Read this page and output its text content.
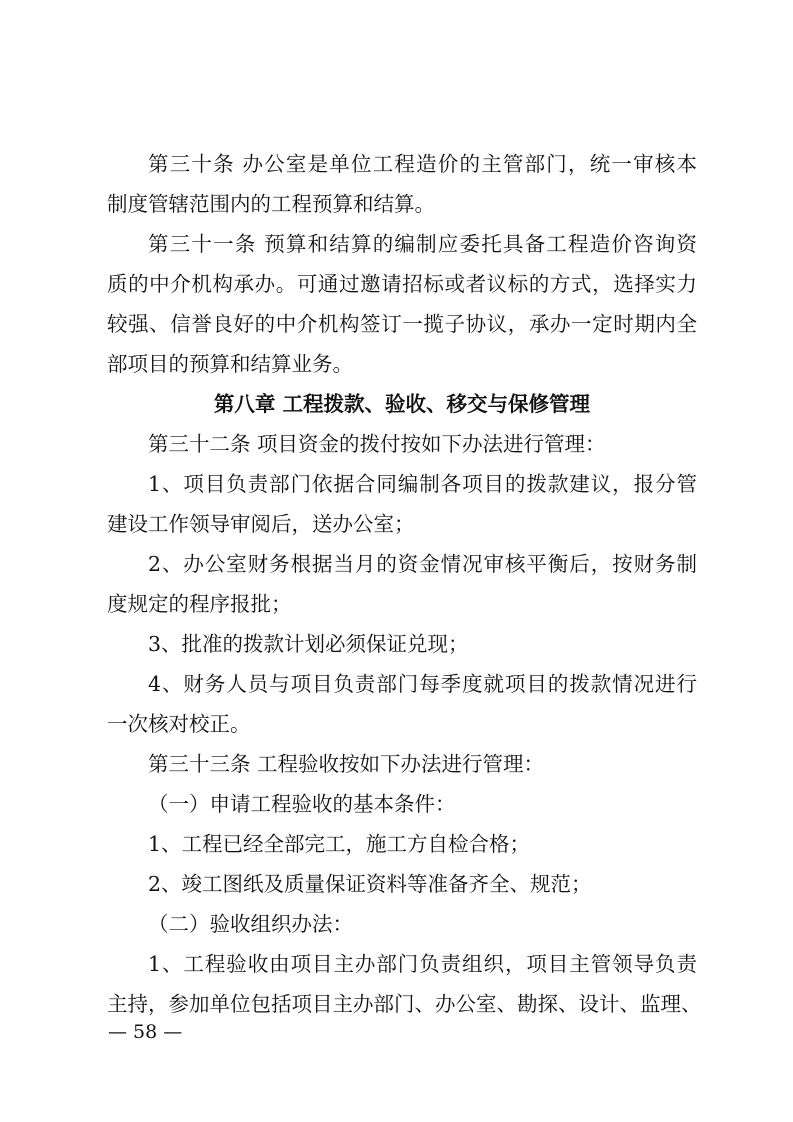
第三十条 办公室是单位工程造价的主管部门，统一审核本
制度管辖范围内的工程预算和结算。
第三十一条 预算和结算的编制应委托具备工程造价咨询资
质的中介机构承办。可通过邀请招标或者议标的方式，选择实力
较强、信誉良好的中介机构签订一揽子协议，承办一定时期内全
部项目的预算和结算业务。
第八章 工程拨款、验收、移交与保修管理
第三十二条 项目资金的拨付按如下办法进行管理：
1、项目负责部门依据合同编制各项目的拨款建议，报分管
建设工作领导审阅后，送办公室；
2、办公室财务根据当月的资金情况审核平衡后，按财务制
度规定的程序报批；
3、批准的拨款计划必须保证兑现；
4、财务人员与项目负责部门每季度就项目的拨款情况进行
一次核对校正。
第三十三条 工程验收按如下办法进行管理：
（一）申请工程验收的基本条件：
1、工程已经全部完工，施工方自检合格；
2、竣工图纸及质量保证资料等准备齐全、规范；
（二）验收组织办法：
1、工程验收由项目主办部门负责组织，项目主管领导负责
主持，参加单位包括项目主办部门、办公室、勘探、设计、监理、
— 58 —
